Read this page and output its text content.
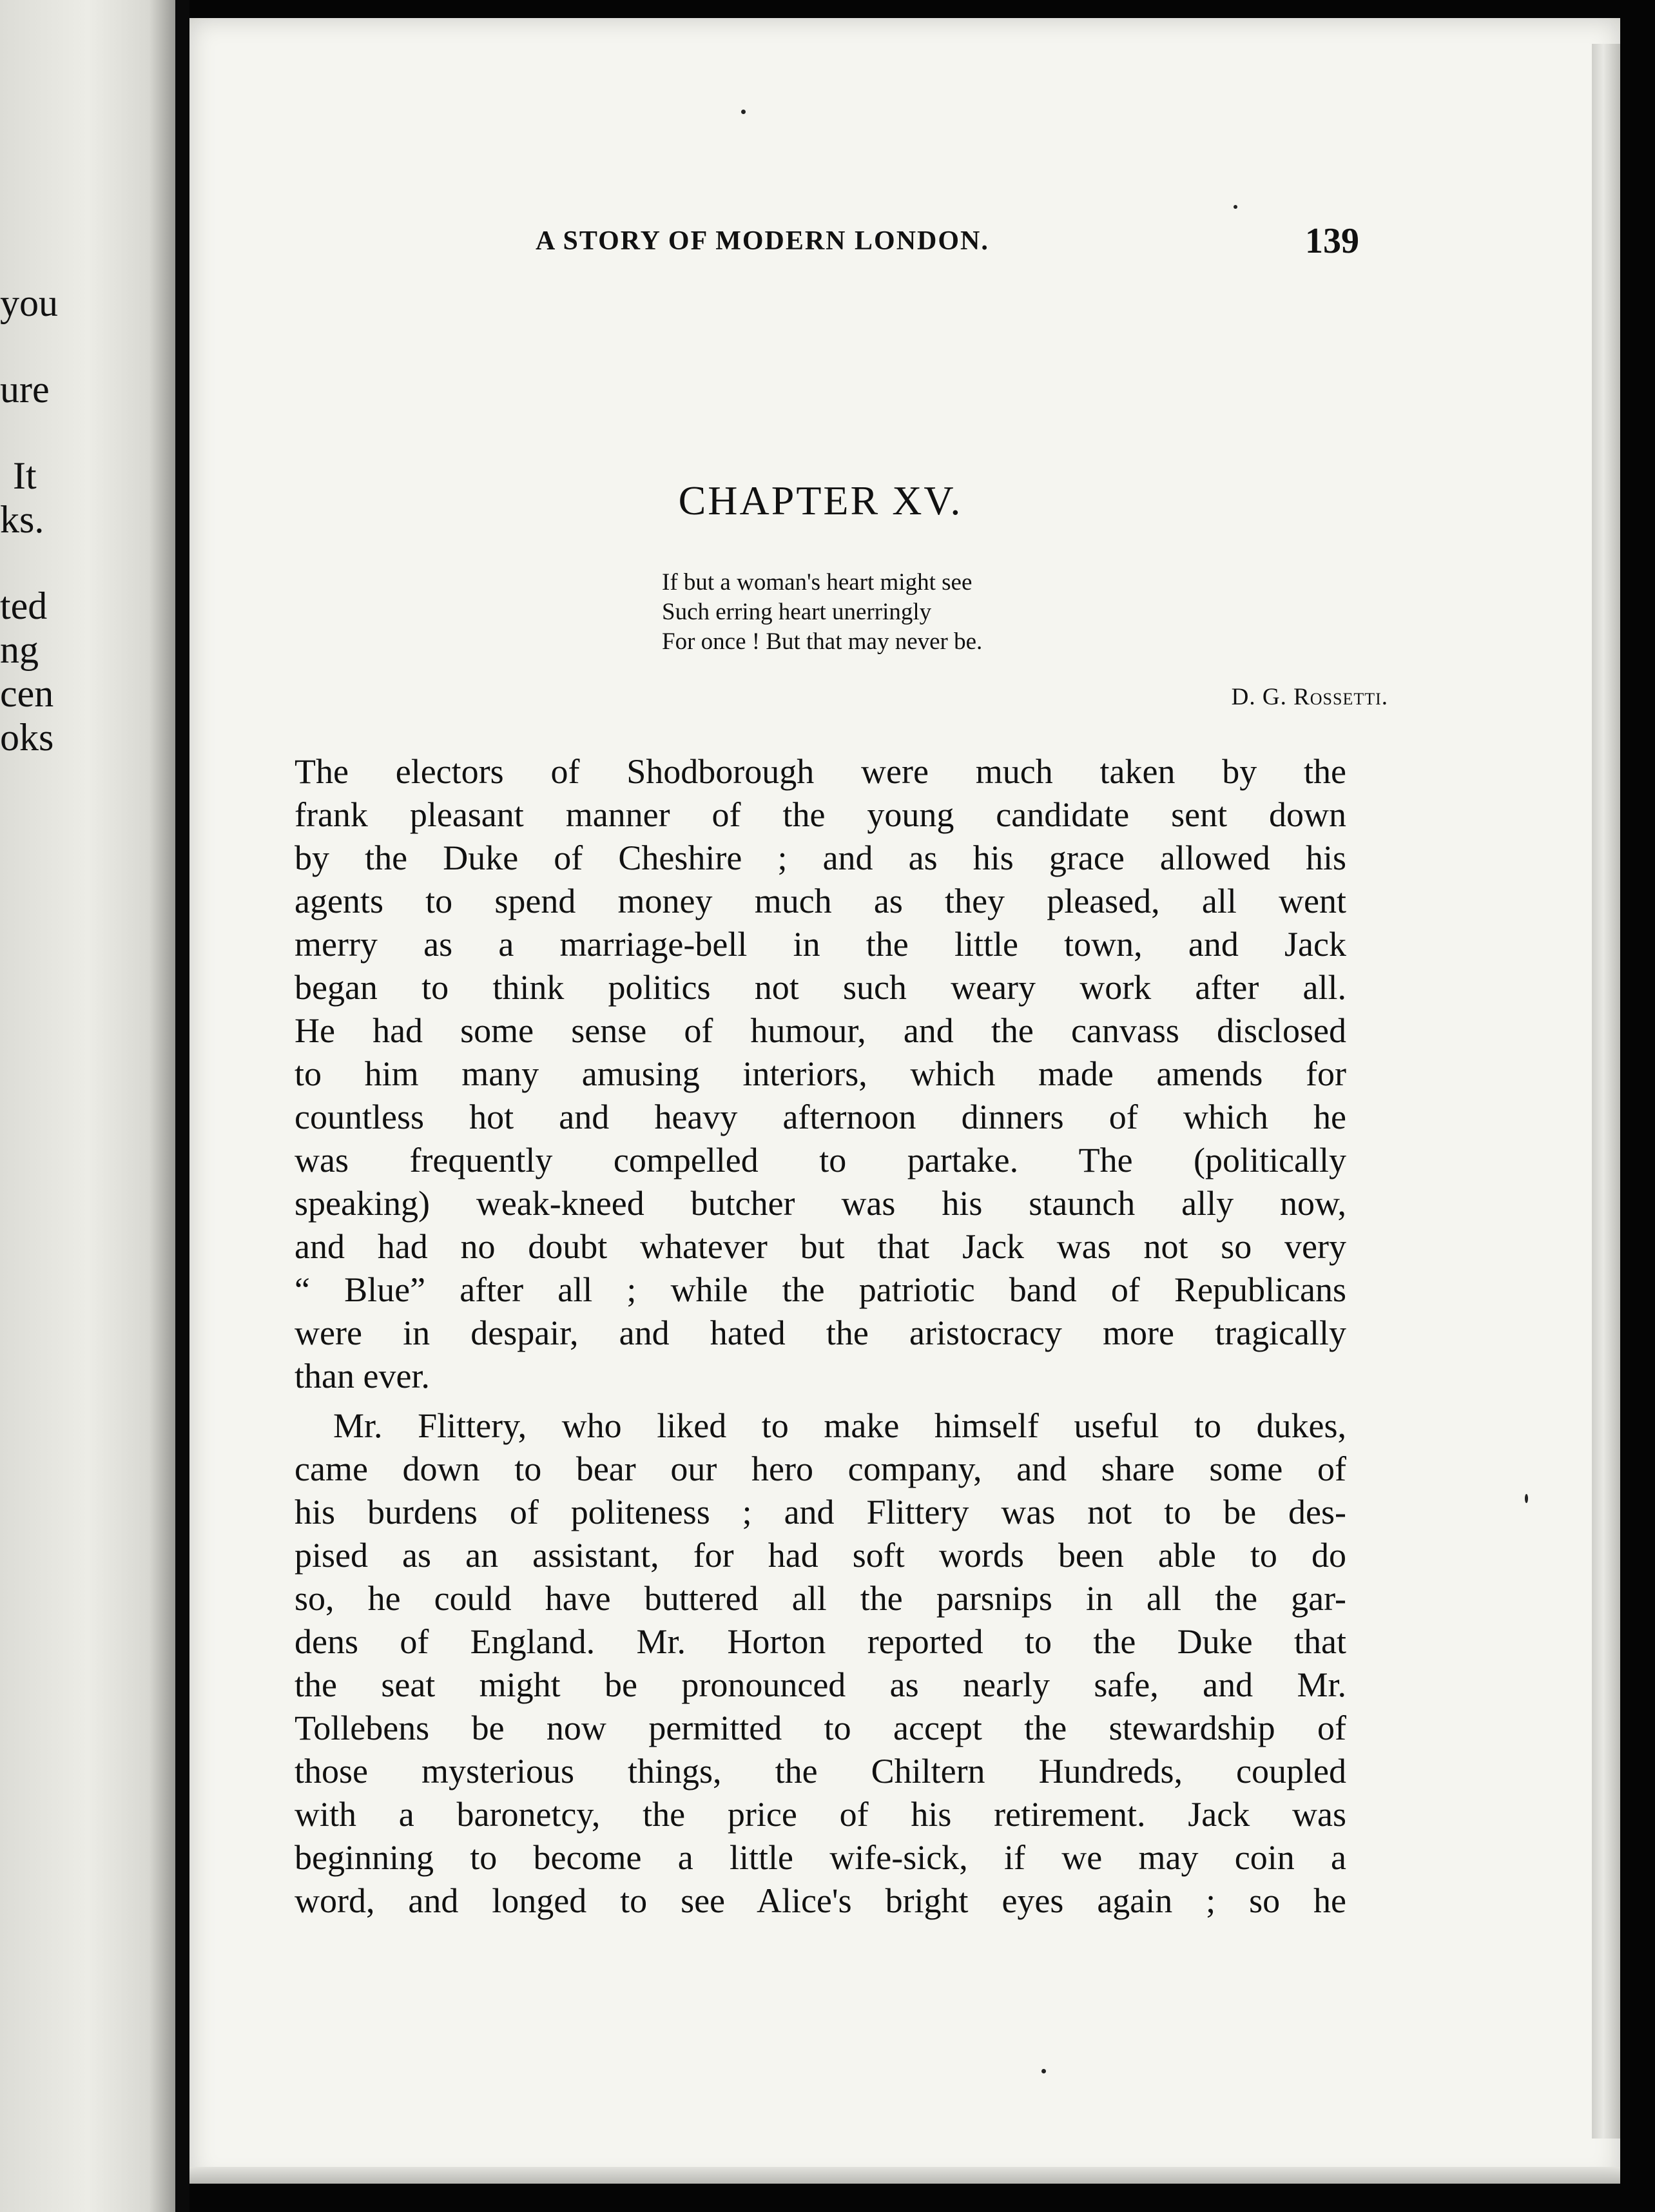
you
ure
It
ks.
ted
ng
cen
oks
A STORY OF MODERN LONDON.	139
CHAPTER XV.
If but a woman's heart might see
Such erring heart unerringly
For once ! But that may never be.
D. G. Rossetti.
The electors of Shodborough were much taken by the
frank pleasant manner of the young candidate sent down
by the Duke of Cheshire ; and as his grace allowed his
agents to spend money much as they pleased, all went
merry as a marriage-bell in the little town, and Jack
began to think politics not such weary work after all.
He had some sense of humour, and the canvass disclosed
to him many amusing interiors, which made amends for
countless hot and heavy afternoon dinners of which he
was frequently compelled to partake. The (politically
speaking) weak-kneed butcher was his staunch ally now,
and had no doubt whatever but that Jack was not so very
“ Blue” after all ; while the patriotic band of Republicans
were in despair, and hated the aristocracy more tragically
than ever.
Mr. Flittery, who liked to make himself useful to dukes,
came down to bear our hero company, and share some of
his burdens of politeness ; and Flittery was not to be des-
pised as an assistant, for had soft words been able to do
so, he could have buttered all the parsnips in all the gar-
dens of England. Mr. Horton reported to the Duke that
the seat might be pronounced as nearly safe, and Mr.
Tollebens be now permitted to accept the stewardship of
those mysterious things, the Chiltern Hundreds, coupled
with a baronetcy, the price of his retirement. Jack was
beginning to become a little wife-sick, if we may coin a
word, and longed to see Alice's bright eyes again ; so he
